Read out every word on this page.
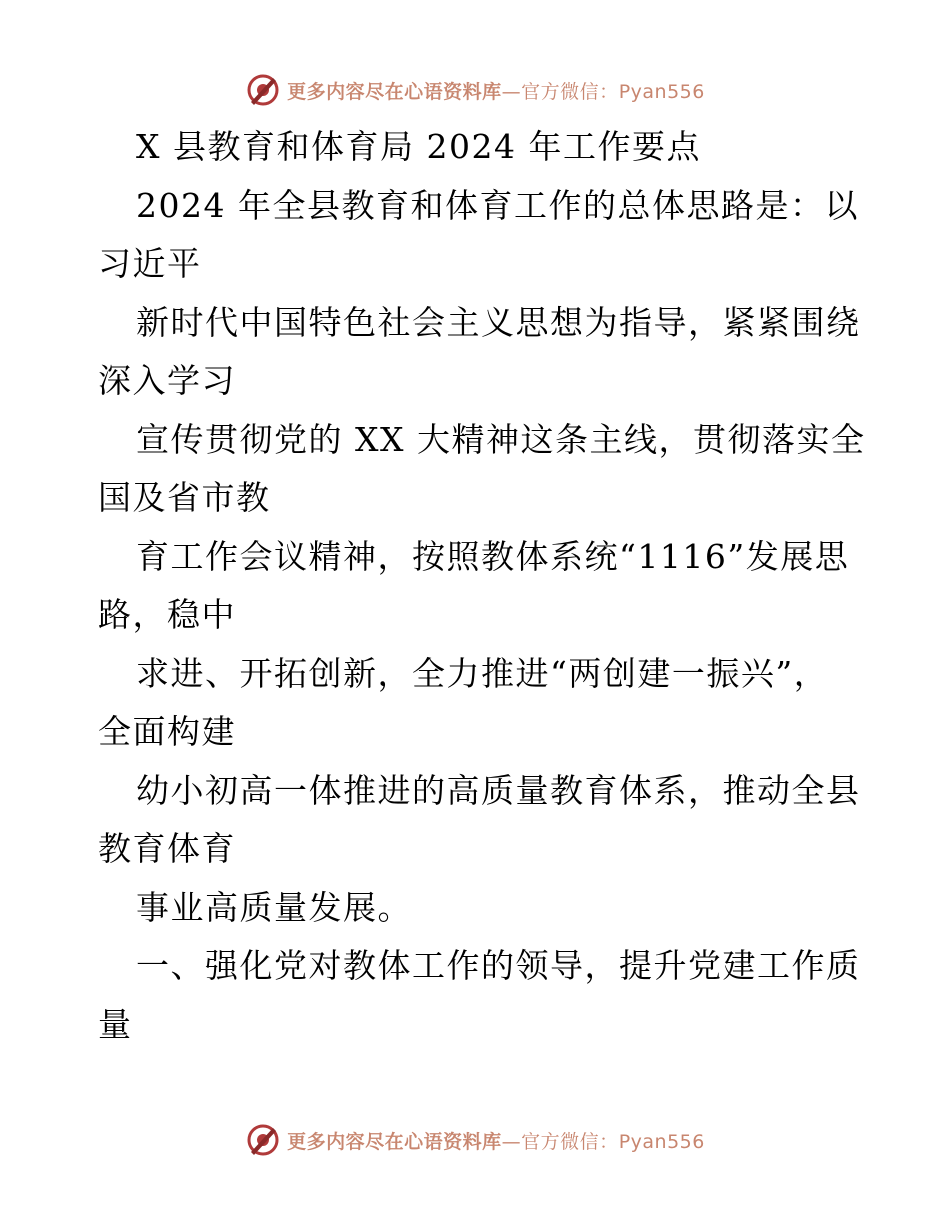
更多内容尽在心语资料库—官方微信：Pyan556
X 县教育和体育局 2024 年工作要点
2024 年全县教育和体育工作的总体思路是：以
习近平
新时代中国特色社会主义思想为指导，紧紧围绕
深入学习
宣传贯彻党的 XX 大精神这条主线，贯彻落实全
国及省市教
育工作会议精神，按照教体系统“1116”发展思
路，稳中
求进、开拓创新，全力推进“两创建一振兴”，
全面构建
幼小初高一体推进的高质量教育体系，推动全县
教育体育
事业高质量发展。
一、强化党对教体工作的领导，提升党建工作质
量
更多内容尽在心语资料库—官方微信：Pyan556
